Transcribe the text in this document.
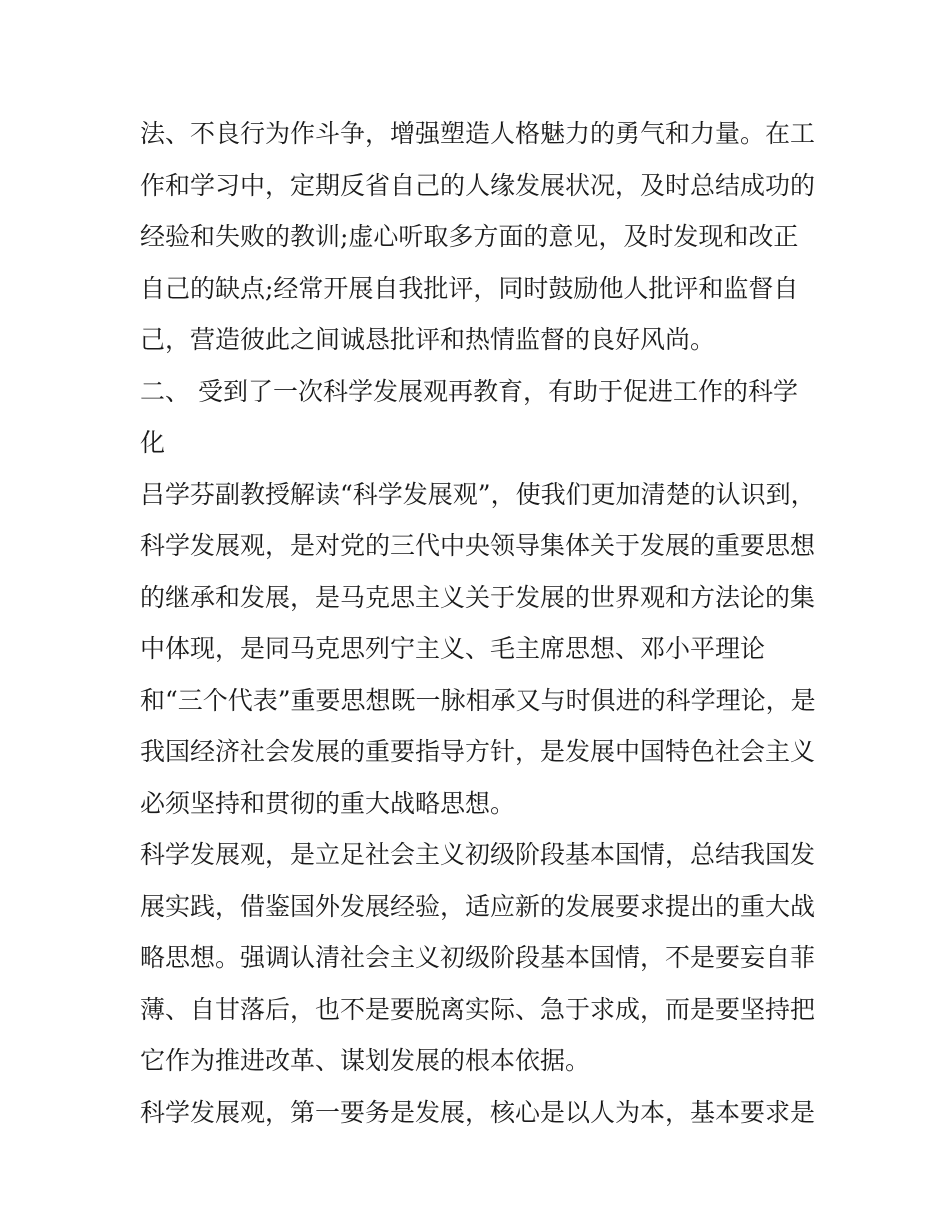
法、不良行为作斗争，增强塑造人格魅力的勇气和力量。在工作和学习中，定期反省自己的人缘发展状况，及时总结成功的经验和失败的教训;虚心听取多方面的意见，及时发现和改正自己的缺点;经常开展自我批评，同时鼓励他人批评和监督自己，营造彼此之间诚恳批评和热情监督的良好风尚。

二、 受到了一次科学发展观再教育，有助于促进工作的科学化

吕学芬副教授解读“科学发展观”，使我们更加清楚的认识到，科学发展观，是对党的三代中央领导集体关于发展的重要思想的继承和发展，是马克思主义关于发展的世界观和方法论的集中体现，是同马克思列宁主义、毛主席思想、邓小平理论和“三个代表”重要思想既一脉相承又与时俱进的科学理论，是我国经济社会发展的重要指导方针，是发展中国特色社会主义必须坚持和贯彻的重大战略思想。

科学发展观，是立足社会主义初级阶段基本国情，总结我国发展实践，借鉴国外发展经验，适应新的发展要求提出的重大战略思想。强调认清社会主义初级阶段基本国情，不是要妄自菲薄、自甘落后，也不是要脱离实际、急于求成，而是要坚持把它作为推进改革、谋划发展的根本依据。

科学发展观，第一要务是发展，核心是以人为本，基本要求是
